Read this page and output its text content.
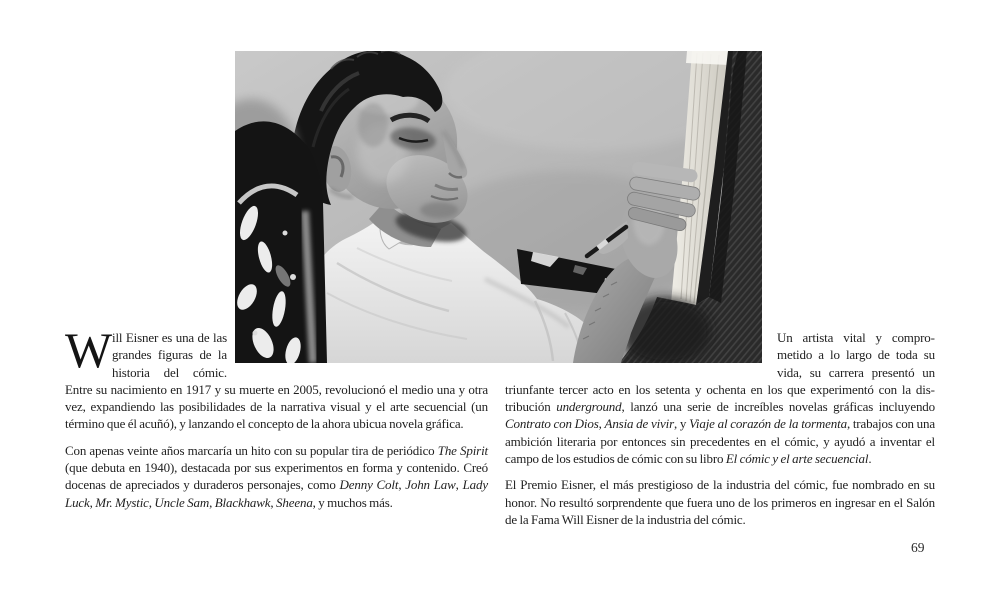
W ill Eisner es una de las grandes figuras de la historia del cómic. Entre su nacimiento en 1917 y su muerte en 2005, revolucionó el medio una y otra vez, expandiendo las posibilidades de la narrativa visual y el arte secuencial (un término que él acuñó), y lanzando el concepto de la ahora ubicua novela gráfica.

Con apenas veinte años marcaría un hito con su popular tira de periódico The Spirit (que debuta en 1940), destacada por sus experimentos en forma y contenido. Creó docenas de apreciados y duraderos personajes, como Denny Colt, John Law, Lady Luck, Mr. Mystic, Uncle Sam, Blackhawk, Sheena, y muchos más.

Un artista vital y comprometido a lo largo de toda su vida, su carrera presentó un triunfante tercer acto en los setenta y ochenta en los que experimentó con la distribución underground, lanzó una serie de increíbles novelas gráficas incluyendo Contrato con Dios, Ansia de vivir, y Viaje al corazón de la tormenta, trabajos con una ambición literaria por entonces sin precedentes en el cómic, y ayudó a inventar el campo de los estudios de cómic con su libro El cómic y el arte secuencial.

El Premio Eisner, el más prestigioso de la industria del cómic, fue nombrado en su honor. No resultó sorprendente que fuera uno de los primeros en ingresar en el Salón de la Fama Will Eisner de la industria del cómic.

69
